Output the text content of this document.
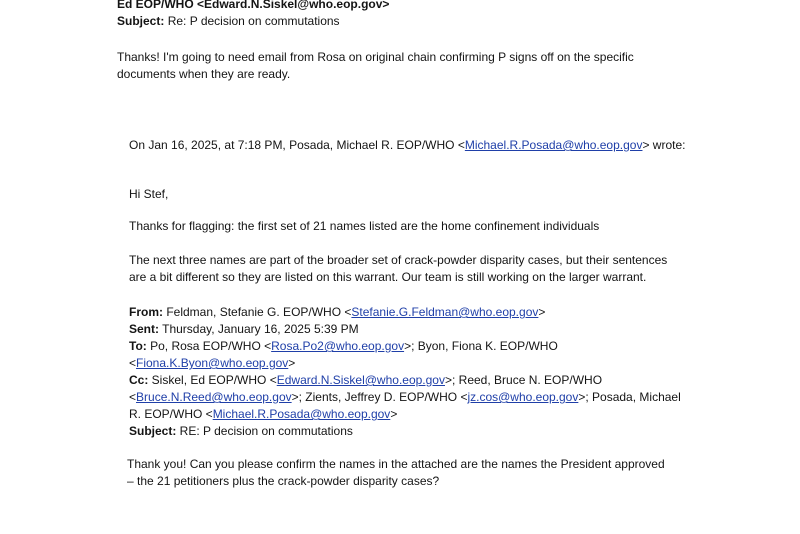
Ed EOP/WHO <Edward.N.Siskel@who.eop.gov>
Subject: Re: P decision on commutations
Thanks! I'm going to need email from Rosa on original chain confirming P signs off on the specific
documents when they are ready.
On Jan 16, 2025, at 7:18 PM, Posada, Michael R. EOP/WHO <Michael.R.Posada@who.eop.gov> wrote:
Hi Stef,
Thanks for flagging: the first set of 21 names listed are the home confinement individuals
The next three names are part of the broader set of crack-powder disparity cases, but their sentences
are a bit different so they are listed on this warrant. Our team is still working on the larger warrant.
From: Feldman, Stefanie G. EOP/WHO <Stefanie.G.Feldman@who.eop.gov>
Sent: Thursday, January 16, 2025 5:39 PM
To: Po, Rosa EOP/WHO <Rosa.Po2@who.eop.gov>; Byon, Fiona K. EOP/WHO
<Fiona.K.Byon@who.eop.gov>
Cc: Siskel, Ed EOP/WHO <Edward.N.Siskel@who.eop.gov>; Reed, Bruce N. EOP/WHO
<Bruce.N.Reed@who.eop.gov>; Zients, Jeffrey D. EOP/WHO <jz.cos@who.eop.gov>; Posada, Michael
R. EOP/WHO <Michael.R.Posada@who.eop.gov>
Subject: RE: P decision on commutations
Thank you! Can you please confirm the names in the attached are the names the President approved
– the 21 petitioners plus the crack-powder disparity cases?
